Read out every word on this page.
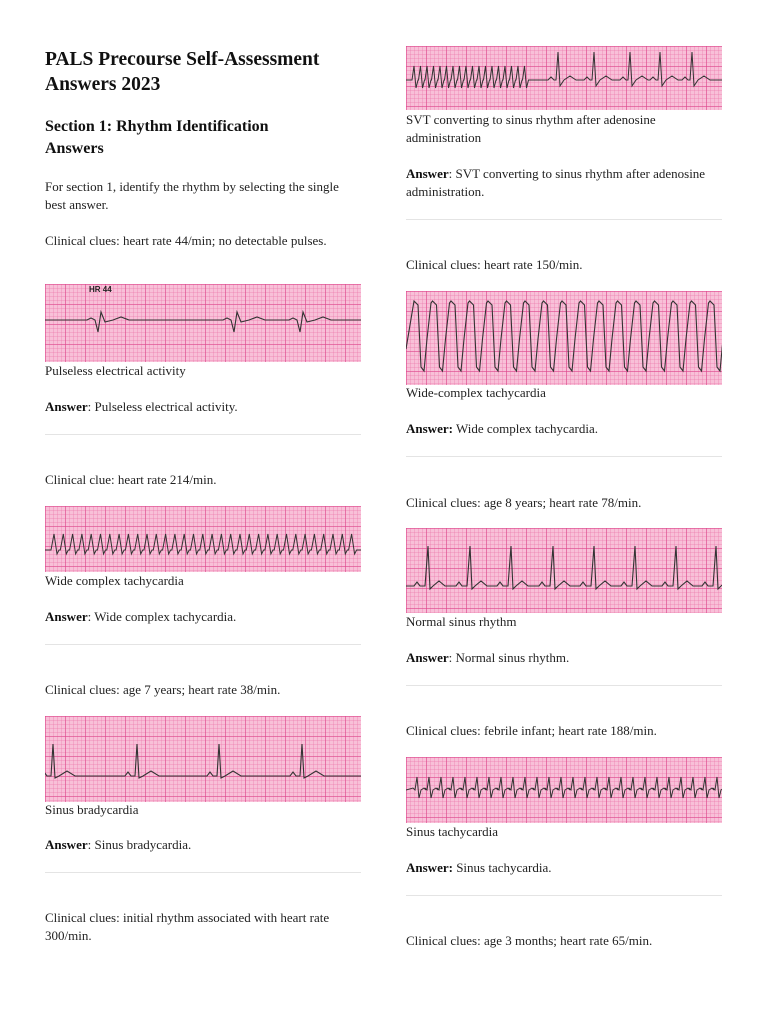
PALS Precourse Self-Assessment
Answers 2023
Section 1: Rhythm Identification
Answers

For section 1, identify the rhythm by selecting the single best answer.

Clinical clues: heart rate 44/min; no detectable pulses.

HR 44

Pulseless electrical activity

Answer: Pulseless electrical activity.

Clinical clue: heart rate 214/min.

Wide complex tachycardia

Answer: Wide complex tachycardia.

Clinical clues: age 7 years; heart rate 38/min.

Sinus bradycardia

Answer: Sinus bradycardia.

Clinical clues: initial rhythm associated with heart rate 300/min.

SVT converting to sinus rhythm after adenosine administration

Answer: SVT converting to sinus rhythm after adenosine administration.

Clinical clues: heart rate 150/min.

Wide-complex tachycardia

Answer: Wide complex tachycardia.

Clinical clues: age 8 years; heart rate 78/min.

Normal sinus rhythm

Answer: Normal sinus rhythm.

Clinical clues: febrile infant; heart rate 188/min.

Sinus tachycardia

Answer: Sinus tachycardia.

Clinical clues: age 3 months; heart rate 65/min.
